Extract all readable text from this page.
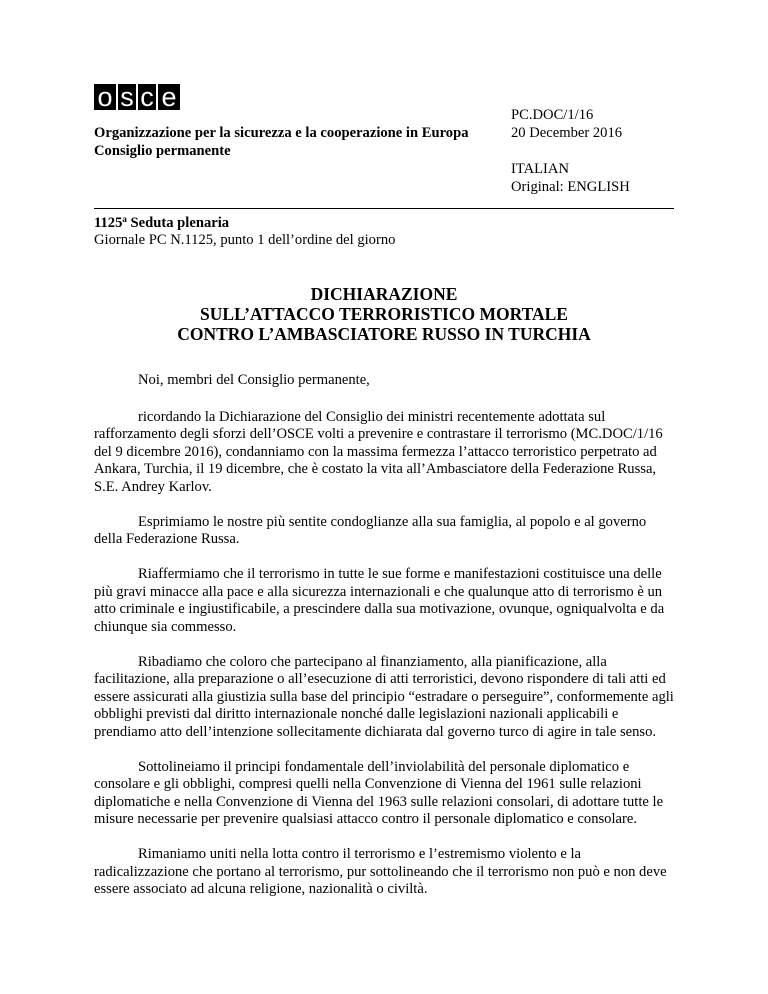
o s c e
Organizzazione per la sicurezza e la cooperazione in Europa
Consiglio permanente
PC.DOC/1/16
20 December 2016
ITALIAN
Original: ENGLISH
1125$^a$ Seduta plenaria
Giornale PC N.1125, punto 1 dell’ordine del giorno
DICHIARAZIONE
SULL’ATTACCO TERRORISTICO MORTALE
CONTRO L’AMBASCIATORE RUSSO IN TURCHIA

Noi, membri del Consiglio permanente,

ricordando la Dichiarazione del Consiglio dei ministri recentemente adottata sul rafforzamento degli sforzi dell’OSCE volti a prevenire e contrastare il terrorismo (MC.DOC/1/16 del 9 dicembre 2016), condanniamo con la massima fermezza l’attacco terroristico perpetrato ad Ankara, Turchia, il 19 dicembre, che è costato la vita all’Ambasciatore della Federazione Russa, S.E. Andrey Karlov.

Esprimiamo le nostre più sentite condoglianze alla sua famiglia, al popolo e al governo della Federazione Russa.

Riaffermiamo che il terrorismo in tutte le sue forme e manifestazioni costituisce una delle più gravi minacce alla pace e alla sicurezza internazionali e che qualunque atto di terrorismo è un atto criminale e ingiustificabile, a prescindere dalla sua motivazione, ovunque, ogniqualvolta e da chiunque sia commesso.

Ribadiamo che coloro che partecipano al finanziamento, alla pianificazione, alla facilitazione, alla preparazione o all’esecuzione di atti terroristici, devono rispondere di tali atti ed essere assicurati alla giustizia sulla base del principio “estradare o perseguire”, conformemente agli obblighi previsti dal diritto internazionale nonché dalle legislazioni nazionali applicabili e prendiamo atto dell’intenzione sollecitamente dichiarata dal governo turco di agire in tale senso.

Sottolineiamo il principi fondamentale dell’inviolabilità del personale diplomatico e consolare e gli obblighi, compresi quelli nella Convenzione di Vienna del 1961 sulle relazioni diplomatiche e nella Convenzione di Vienna del 1963 sulle relazioni consolari, di adottare tutte le misure necessarie per prevenire qualsiasi attacco contro il personale diplomatico e consolare.

Rimaniamo uniti nella lotta contro il terrorismo e l’estremismo violento e la radicalizzazione che portano al terrorismo, pur sottolineando che il terrorismo non può e non deve essere associato ad alcuna religione, nazionalità o civiltà.
